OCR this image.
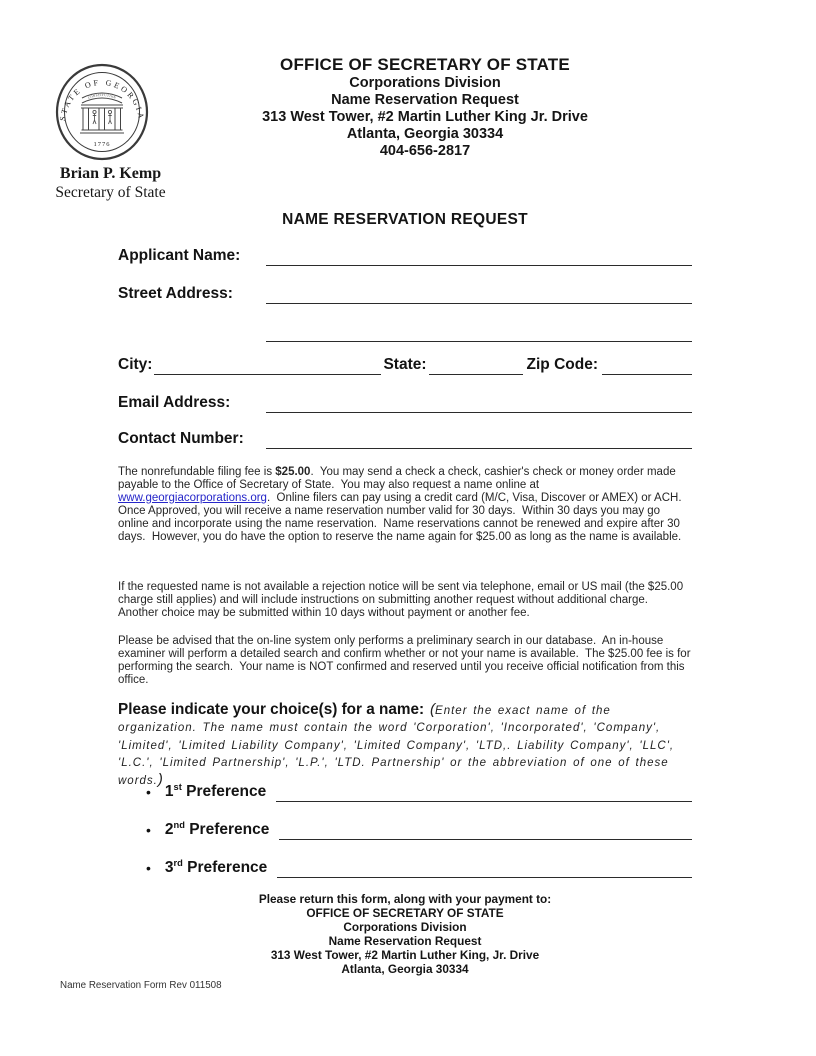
STATE OF GEORGIA
CONSTITUTION
1776
Brian P. Kemp
Secretary of State
OFFICE OF SECRETARY OF STATE
Corporations Division
Name Reservation Request
313 West Tower, #2 Martin Luther King Jr. Drive
Atlanta, Georgia 30334
404-656-2817
NAME RESERVATION REQUEST
Applicant Name:
Street Address:
City:	State:	Zip Code:
Email Address:
Contact Number:
The nonrefundable filing fee is $25.00.  You may send a check a check, cashier's check or money order made payable to the Office of Secretary of State.  You may also request a name online at www.georgiacorporations.org.  Online filers can pay using a credit card (M/C, Visa, Discover or AMEX) or ACH.  Once Approved, you will receive a name reservation number valid for 30 days.  Within 30 days you may go online and incorporate using the name reservation.  Name reservations cannot be renewed and expire after 30 days.  However, you do have the option to reserve the name again for $25.00 as long as the name is available.
If the requested name is not available a rejection notice will be sent via telephone, email or US mail (the $25.00 charge still applies) and will include instructions on submitting another request without additional charge.  Another choice may be submitted within 10 days without payment or another fee.
Please be advised that the on-line system only performs a preliminary search in our database.  An in-house examiner will perform a detailed search and confirm whether or not your name is available.  The $25.00 fee is for performing the search.  Your name is NOT confirmed and reserved until you receive official notification from this office.
Please indicate your choice(s) for a name: (Enter the exact name of the organization. The name must contain the word 'Corporation', 'Incorporated', 'Company', 'Limited', 'Limited Liability Company', 'Limited Company', 'LTD,. Liability Company', 'LLC', 'L.C.', 'Limited Partnership', 'L.P.', 'LTD. Partnership' or the abbreviation of one of these words.)
• 1st Preference
• 2nd Preference
• 3rd Preference
Please return this form, along with your payment to:
OFFICE OF SECRETARY OF STATE
Corporations Division
Name Reservation Request
313 West Tower, #2 Martin Luther King, Jr. Drive
Atlanta, Georgia 30334
Name Reservation Form Rev 011508
